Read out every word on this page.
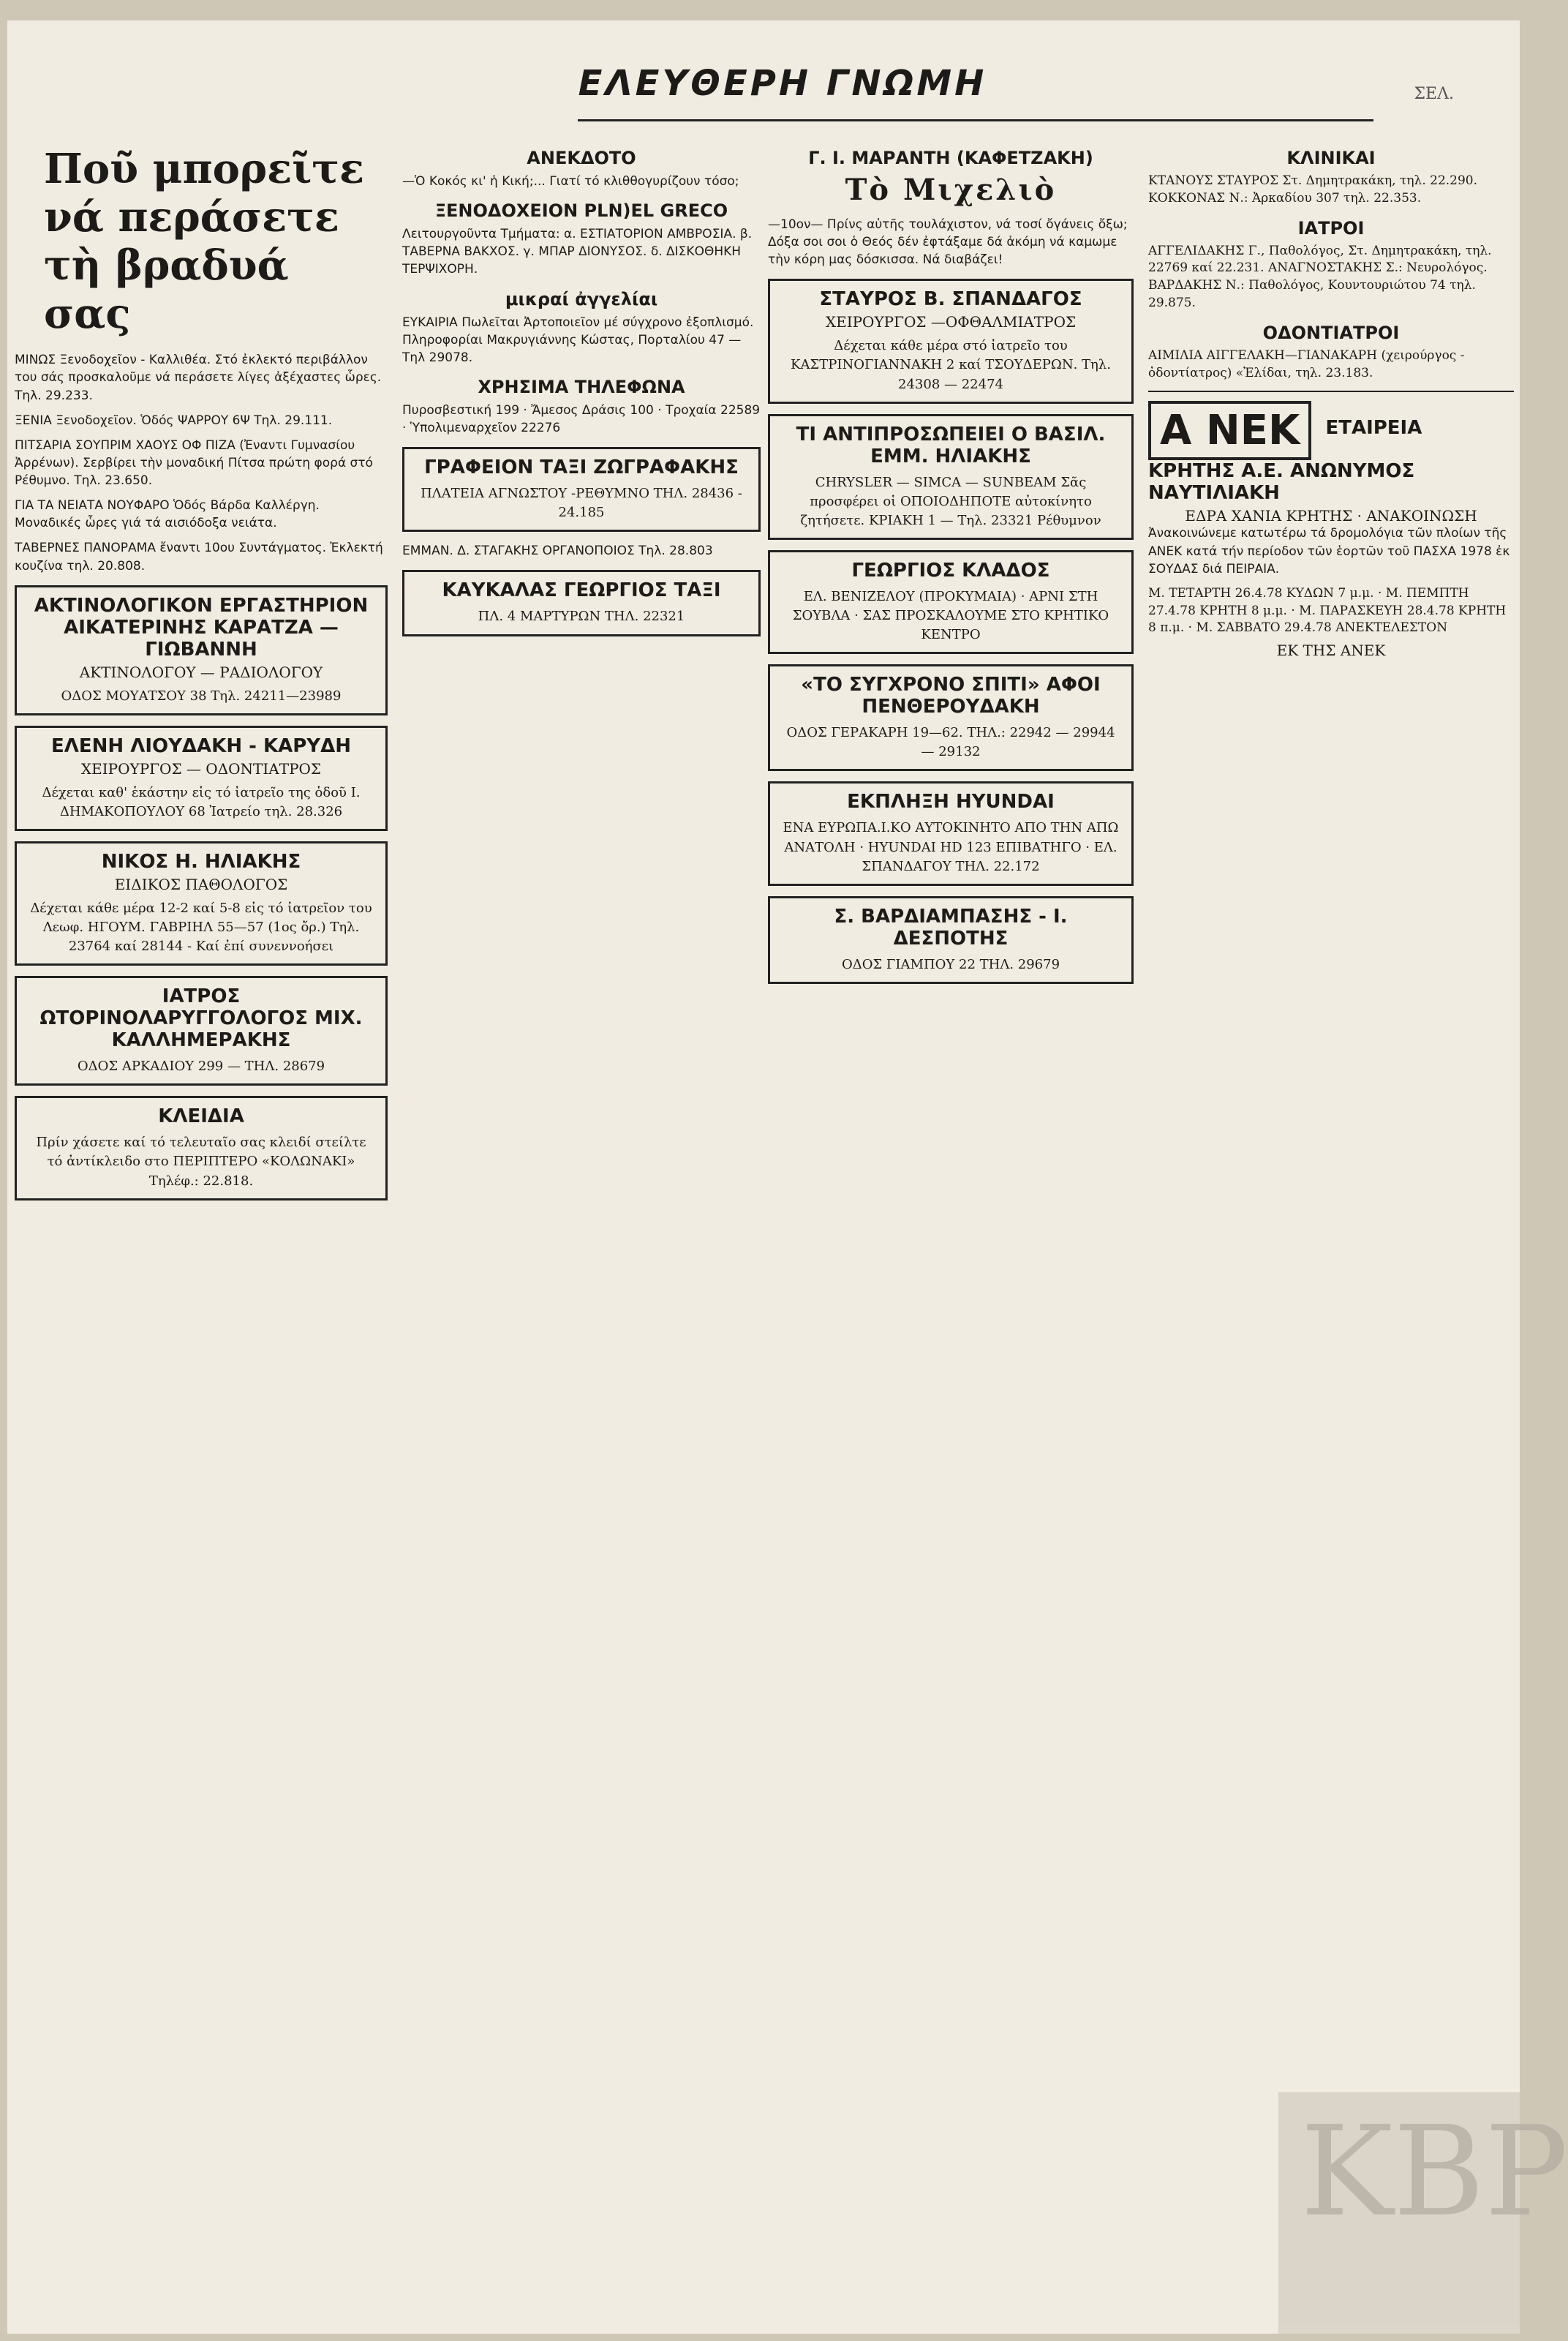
ΕΛΕΥΘΕΡΗ ΓΝΩΜΗ	ΣΕΛ.
Ποῦ μπορεῖτε νά περάσετε τὴ βραδυά σας

ΜΙΝΩΣ Ξενοδοχεῖον - Καλλιθέα. Στό ἐκλεκτό περιβάλλον του σάς προσκαλοῦμε νά περάσετε λίγες ἀξέχαστες ὧρες. Τηλ. 29.233.

ΞΕΝΙΑ Ξενοδοχεῖον. Ὁδός ΨΑΡΡΟΥ 6Ψ Τηλ. 29.111.

ΠΙΤΣΑΡΙΑ ΣΟΥΠΡΙΜ ΧΑΟΥΣ ΟΦ ΠΙΖΑ (Ἐναντι Γυμνασίου Ἀρρένων). Σερβίρει τὴν μοναδική Πίτσα πρώτη φορά στό Ρέθυμνο. Τηλ. 23.650.

ΓΙΑ ΤΑ ΝΕΙΑΤΑ ΝΟΥΦΑΡΟ Ὁδός Βάρδα Καλλέργη. Μοναδικές ὧρες γιά τά αισιόδοξα νειάτα.

ΤΑΒΕΡΝΕΣ ΠΑΝΟΡΑΜΑ ἔναντι 10ου Συντάγματος. Ἐκλεκτή κουζίνα τηλ. 20.808.

ΑΚΤΙΝΟΛΟΓΙΚΟΝ ΕΡΓΑΣΤΗΡΙΟΝ ΑΙΚΑΤΕΡΙΝΗΣ ΚΑΡΑΤΖΑ — ΓΙΩΒΑΝΝΗ
ΑΚΤΙΝΟΛΟΓΟΥ — ΡΑΔΙΟΛΟΓΟΥ
ΟΔΟΣ ΜΟΥΑΤΣΟΥ 38 Τηλ. 24211—23989
ΕΛΕΝΗ ΛΙΟΥΔΑΚΗ - ΚΑΡΥΔΗ
ΧΕΙΡΟΥΡΓΟΣ — ΟΔΟΝΤΙΑΤΡΟΣ
Δέχεται καθ' ἑκάστην εἰς τό ἰατρεῖο της ὁδοῦ Ι. ΔΗΜΑΚΟΠΟΥΛΟΥ 68 Ἰατρείο τηλ. 28.326
ΝΙΚΟΣ Η. ΗΛΙΑΚΗΣ
ΕΙΔΙΚΟΣ ΠΑΘΟΛΟΓΟΣ
Δέχεται κάθε μέρα 12-2 καί 5-8 εἰς τό ἰατρεῖον του Λεωφ. ΗΓΟΥΜ. ΓΑΒΡΙΗΛ 55—57 (1ος ὄρ.) Τηλ. 23764 καί 28144 - Καί ἐπί συνεννοήσει
ΙΑΤΡΟΣ ΩΤΟΡΙΝΟΛΑΡΥΓΓΟΛΟΓΟΣ ΜΙΧ. ΚΑΛΛΗΜΕΡΑΚΗΣ
ΟΔΟΣ ΑΡΚΑΔΙΟΥ 299 — ΤΗΛ. 28679
ΚΛΕΙΔΙΑ
Πρίν χάσετε καί τό τελευταῖο σας κλειδί στείλτε τό ἀντίκλειδο στο ΠΕΡΙΠΤΕΡΟ «ΚΟΛΩΝΑΚΙ» Τηλέφ.: 22.818.
ΑΝΕΚΔΟΤΟ

—Ὁ Κοκός κι' ἡ Κική;... Γιατί τό κλιθθογυρίζουν τόσο;

ΞΕΝΟΔΟΧΕΙΟΝ PLN)EL GRECO

Λειτουργοῦντα Τμήματα: α. ΕΣΤΙΑΤΟΡΙΟΝ ΑΜΒΡΟΣΙΑ. β. ΤΑΒΕΡΝΑ ΒΑΚΧΟΣ. γ. ΜΠΑΡ ΔΙΟΝΥΣΟΣ. δ. ΔΙΣΚΟΘΗΚΗ ΤΕΡΨΙΧΟΡΗ.

μικραί ἀγγελίαι

ΕΥΚΑΙΡΙΑ Πωλεῖται Ἀρτοποιεῖον μέ σύγχρονο ἐξοπλισμό. Πληροφορίαι Μακρυγιάννης Κώστας, Πορταλίου 47 — Τηλ 29078.

ΧΡΗΣΙΜΑ ΤΗΛΕΦΩΝΑ

Πυροσβεστική 199 · Ἄμεσος Δράσις 100 · Τροχαία 22589 · Ὑπολιμεναρχεῖον 22276

ΓΡΑΦΕΙΟΝ ΤΑΞΙ ΖΩΓΡΑΦΑΚΗΣ
ΠΛΑΤΕΙΑ ΑΓΝΩΣΤΟΥ -ΡΕΘΥΜΝΟ ΤΗΛ. 28436 - 24.185

ΕΜΜΑΝ. Δ. ΣΤΑΓΑΚΗΣ ΟΡΓΑΝΟΠΟΙΟΣ Τηλ. 28.803

ΚΑΥΚΑΛΑΣ ΓΕΩΡΓΙΟΣ ΤΑΞΙ
ΠΛ. 4 ΜΑΡΤΥΡΩΝ ΤΗΛ. 22321
Γ. Ι. ΜΑΡΑΝΤΗ (ΚΑΦΕΤΖΑΚΗ)
Τὸ Μιχελιὸ

—10ον— Πρίνς αὐτῆς τουλάχιστον, νά τοσί ὄγάνεις ὄξω; Δόξα σοι σοι ὁ Θεός δέν ἐφτάξαμε δά ἀκόμη νά καμωμε τὴν κόρη μας δόσκισσα. Νά διαβάζει!

ΣΤΑΥΡΟΣ Β. ΣΠΑΝΔΑΓΟΣ
ΧΕΙΡΟΥΡΓΟΣ —ΟΦΘΑΛΜΙΑΤΡΟΣ
Δέχεται κάθε μέρα στό ἰατρεῖο του ΚΑΣΤΡΙΝΟΓΙΑΝΝΑΚΗ 2 καί ΤΣΟΥΔΕΡΩΝ. Τηλ. 24308 — 22474
ΤΙ ΑΝΤΙΠΡΟΣΩΠΕΙΕΙ Ο ΒΑΣΙΛ. ΕΜΜ. ΗΛΙΑΚΗΣ
CHRYSLER — SIMCA — SUNBEAM Σᾶς προσφέρει οἱ ΟΠΟΙΟΔΗΠΟΤΕ αὐτοκίνητο ζητήσετε. ΚΡΙΑΚΗ 1 — Τηλ. 23321 Ρέθυμνον
ΓΕΩΡΓΙΟΣ ΚΛΑΔΟΣ
ΕΛ. ΒΕΝΙΖΕΛΟΥ (ΠΡΟΚΥΜΑΙΑ) · ΑΡΝΙ ΣΤΗ ΣΟΥΒΛΑ · ΣΑΣ ΠΡΟΣΚΑΛΟΥΜΕ ΣΤΟ ΚΡΗΤΙΚΟ ΚΕΝΤΡΟ
«ΤΟ ΣΥΓΧΡΟΝΟ ΣΠΙΤΙ» ΑΦΟΙ ΠΕΝΘΕΡΟΥΔΑΚΗ
ΟΔΟΣ ΓΕΡΑΚΑΡΗ 19—62. ΤΗΛ.: 22942 — 29944 — 29132
ΕΚΠΛΗΞΗ ΗΥUNDAI
ΕΝΑ ΕΥΡΩΠΑ.Ι.ΚΟ ΑΥΤΟΚΙΝΗΤΟ ΑΠΟ ΤΗΝ ΑΠΩ ΑΝΑΤΟΛΗ · HYUNDAI HD 123 ΕΠΙΒΑΤΗΓΟ · ΕΛ. ΣΠΑΝΔΑΓΟΥ ΤΗΛ. 22.172
Σ. ΒΑΡΔΙΑΜΠΑΣΗΣ - Ι. ΔΕΣΠΟΤΗΣ
ΟΔΟΣ ΓΙΑΜΠΟΥ 22 ΤΗΛ. 29679
ΚΛΙΝΙΚΑΙ

ΚΤΑΝΟΥΣ ΣΤΑΥΡΟΣ Στ. Δημητρακάκη, τηλ. 22.290. ΚΟΚΚΟΝΑΣ Ν.: Ἀρκαδίου 307 τηλ. 22.353.

ΙΑΤΡΟΙ

ΑΓΓΕΛΙΔΑΚΗΣ Γ., Παθολόγος, Στ. Δημητρακάκη, τηλ. 22769 καί 22.231. ΑΝΑΓΝΟΣΤΑΚΗΣ Σ.: Νευρολόγος. ΒΑΡΔΑΚΗΣ Ν.: Παθολόγος, Κουντουριώτου 74 τηλ. 29.875.

ΟΔΟΝΤΙΑΤΡΟΙ

ΑΙΜΙΛΙΑ ΑΙΓΓΕΛΑΚΗ—ΓΙΑΝΑΚΑΡΗ (χειρούργος - ὀδοντίατρος) «Ἐλίδαι, τηλ. 23.183.

A NEK ΕΤΑΙΡΕΙΑ ΚΡΗΤΗΣ Α.Ε. ΑΝΩΝΥΜΟΣ ΝΑΥΤΙΛΙΑΚΗ
ΕΔΡΑ ΧΑΝΙΑ ΚΡΗΤΗΣ · ΑΝΑΚΟΙΝΩΣΗ

Ἀνακοινώνεμε κατωτέρω τά δρομολόγια τῶν πλοίων τῆς ΑΝΕΚ κατά τήν περίοδον τῶν ἑορτῶν τοῦ ΠΑΣΧΑ 1978 ἐκ ΣΟΥΔΑΣ διά ΠΕΙΡΑΙΑ.

Μ. ΤΕΤΑΡΤΗ 26.4.78 ΚΥΔΩΝ 7 μ.μ. · Μ. ΠΕΜΠΤΗ 27.4.78 ΚΡΗΤΗ 8 μ.μ. · Μ. ΠΑΡΑΣΚΕΥΗ 28.4.78 ΚΡΗΤΗ 8 π.μ. · Μ. ΣΑΒΒΑΤΟ 29.4.78 ΑΝΕΚΤΕΛΕΣΤΟΝ

ΕΚ ΤΗΣ ΑΝΕΚ
ΚΒΡ
